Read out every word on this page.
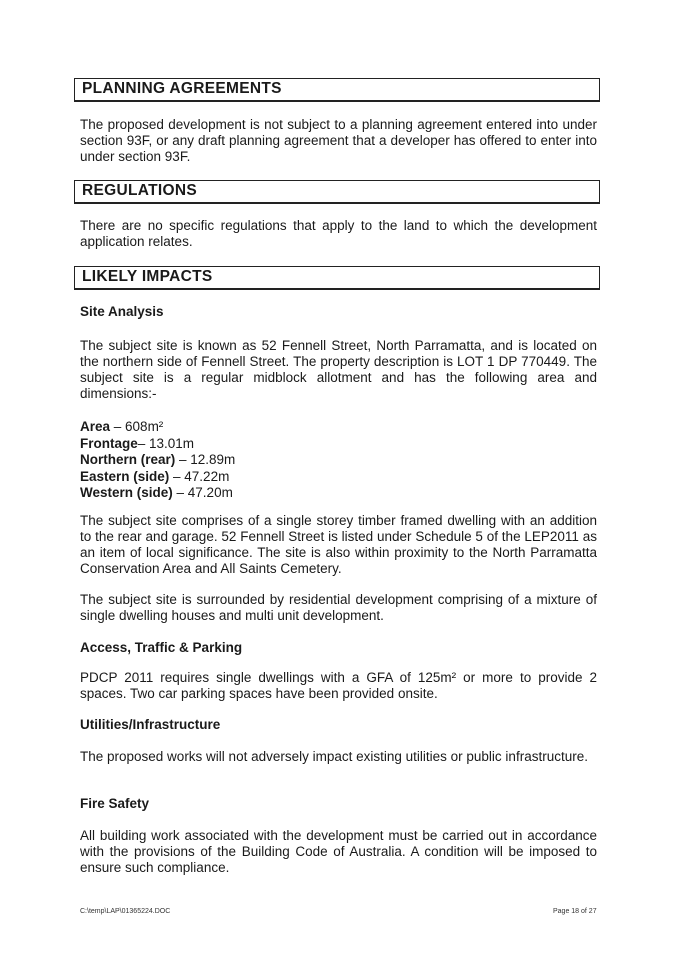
PLANNING AGREEMENTS
The proposed development is not subject to a planning agreement entered into under section 93F, or any draft planning agreement that a developer has offered to enter into under section 93F.
REGULATIONS
There are no specific regulations that apply to the land to which the development application relates.
LIKELY IMPACTS
Site Analysis
The subject site is known as 52 Fennell Street, North Parramatta, and is located on the northern side of Fennell Street. The property description is LOT 1 DP 770449. The subject site is a regular midblock allotment and has the following area and dimensions:-
Area – 608m²
Frontage– 13.01m
Northern (rear) – 12.89m
Eastern (side) – 47.22m
Western (side) – 47.20m
The subject site comprises of a single storey timber framed dwelling with an addition to the rear and garage. 52 Fennell Street is listed under Schedule 5 of the LEP2011 as an item of local significance. The site is also within proximity to the North Parramatta Conservation Area and All Saints Cemetery.
The subject site is surrounded by residential development comprising of a mixture of single dwelling houses and multi unit development.
Access, Traffic & Parking
PDCP 2011 requires single dwellings with a GFA of 125m² or more to provide 2 spaces. Two car parking spaces have been provided onsite.
Utilities/Infrastructure
The proposed works will not adversely impact existing utilities or public infrastructure.
Fire Safety
All building work associated with the development must be carried out in accordance with the provisions of the Building Code of Australia. A condition will be imposed to ensure such compliance.
C:\temp\LAP\01365224.DOC	Page 18 of 27
